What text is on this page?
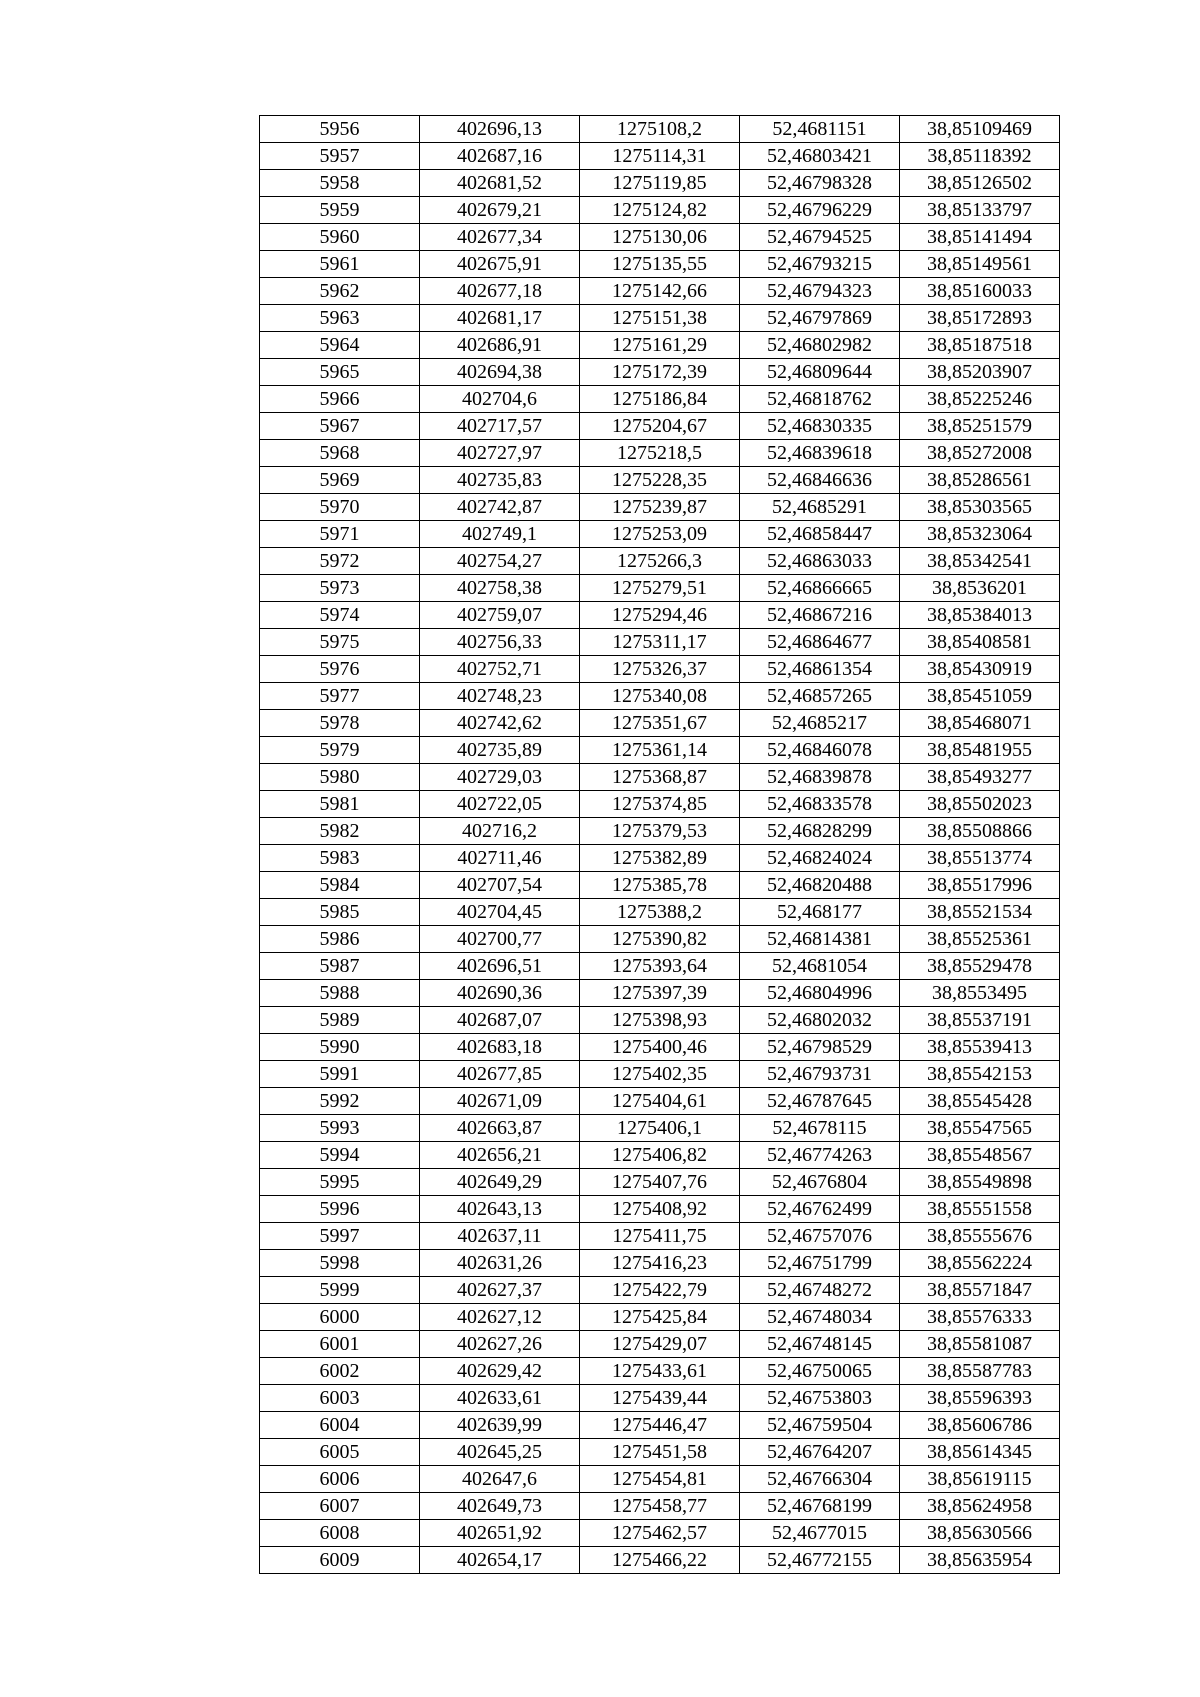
5956	402696,13	1275108,2	52,4681151	38,85109469
5957	402687,16	1275114,31	52,46803421	38,85118392
5958	402681,52	1275119,85	52,46798328	38,85126502
5959	402679,21	1275124,82	52,46796229	38,85133797
5960	402677,34	1275130,06	52,46794525	38,85141494
5961	402675,91	1275135,55	52,46793215	38,85149561
5962	402677,18	1275142,66	52,46794323	38,85160033
5963	402681,17	1275151,38	52,46797869	38,85172893
5964	402686,91	1275161,29	52,46802982	38,85187518
5965	402694,38	1275172,39	52,46809644	38,85203907
5966	402704,6	1275186,84	52,46818762	38,85225246
5967	402717,57	1275204,67	52,46830335	38,85251579
5968	402727,97	1275218,5	52,46839618	38,85272008
5969	402735,83	1275228,35	52,46846636	38,85286561
5970	402742,87	1275239,87	52,4685291	38,85303565
5971	402749,1	1275253,09	52,46858447	38,85323064
5972	402754,27	1275266,3	52,46863033	38,85342541
5973	402758,38	1275279,51	52,46866665	38,8536201
5974	402759,07	1275294,46	52,46867216	38,85384013
5975	402756,33	1275311,17	52,46864677	38,85408581
5976	402752,71	1275326,37	52,46861354	38,85430919
5977	402748,23	1275340,08	52,46857265	38,85451059
5978	402742,62	1275351,67	52,4685217	38,85468071
5979	402735,89	1275361,14	52,46846078	38,85481955
5980	402729,03	1275368,87	52,46839878	38,85493277
5981	402722,05	1275374,85	52,46833578	38,85502023
5982	402716,2	1275379,53	52,46828299	38,85508866
5983	402711,46	1275382,89	52,46824024	38,85513774
5984	402707,54	1275385,78	52,46820488	38,85517996
5985	402704,45	1275388,2	52,468177	38,85521534
5986	402700,77	1275390,82	52,46814381	38,85525361
5987	402696,51	1275393,64	52,4681054	38,85529478
5988	402690,36	1275397,39	52,46804996	38,8553495
5989	402687,07	1275398,93	52,46802032	38,85537191
5990	402683,18	1275400,46	52,46798529	38,85539413
5991	402677,85	1275402,35	52,46793731	38,85542153
5992	402671,09	1275404,61	52,46787645	38,85545428
5993	402663,87	1275406,1	52,4678115	38,85547565
5994	402656,21	1275406,82	52,46774263	38,85548567
5995	402649,29	1275407,76	52,4676804	38,85549898
5996	402643,13	1275408,92	52,46762499	38,85551558
5997	402637,11	1275411,75	52,46757076	38,85555676
5998	402631,26	1275416,23	52,46751799	38,85562224
5999	402627,37	1275422,79	52,46748272	38,85571847
6000	402627,12	1275425,84	52,46748034	38,85576333
6001	402627,26	1275429,07	52,46748145	38,85581087
6002	402629,42	1275433,61	52,46750065	38,85587783
6003	402633,61	1275439,44	52,46753803	38,85596393
6004	402639,99	1275446,47	52,46759504	38,85606786
6005	402645,25	1275451,58	52,46764207	38,85614345
6006	402647,6	1275454,81	52,46766304	38,85619115
6007	402649,73	1275458,77	52,46768199	38,85624958
6008	402651,92	1275462,57	52,4677015	38,85630566
6009	402654,17	1275466,22	52,46772155	38,85635954
